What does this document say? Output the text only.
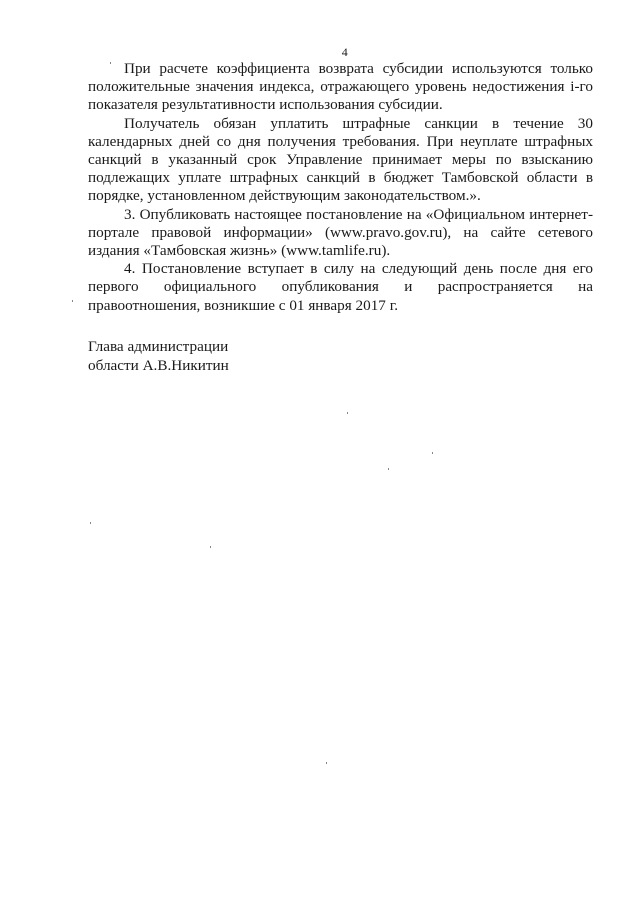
4

При расчете коэффициента возврата субсидии используются только положительные значения индекса, отражающего уровень недостижения i-го показателя результативности использования субсидии.

Получатель обязан уплатить штрафные санкции в течение 30 календарных дней со дня получения требования. При неуплате штрафных санкций в указанный срок Управление принимает меры по взысканию подлежащих уплате штрафных санкций в бюджет Тамбовской области в порядке, установленном действующим законодательством.».

3. Опубликовать настоящее постановление на «Официальном интернет-портале правовой информации» (www.pravo.gov.ru), на сайте сетевого издания «Тамбовская жизнь» (www.tamlife.ru).

4. Постановление вступает в силу на следующий день после дня его первого официального опубликования и распространяется на правоотношения, возникшие с 01 января 2017 г.

Глава администрации
области А.В.Никитин
